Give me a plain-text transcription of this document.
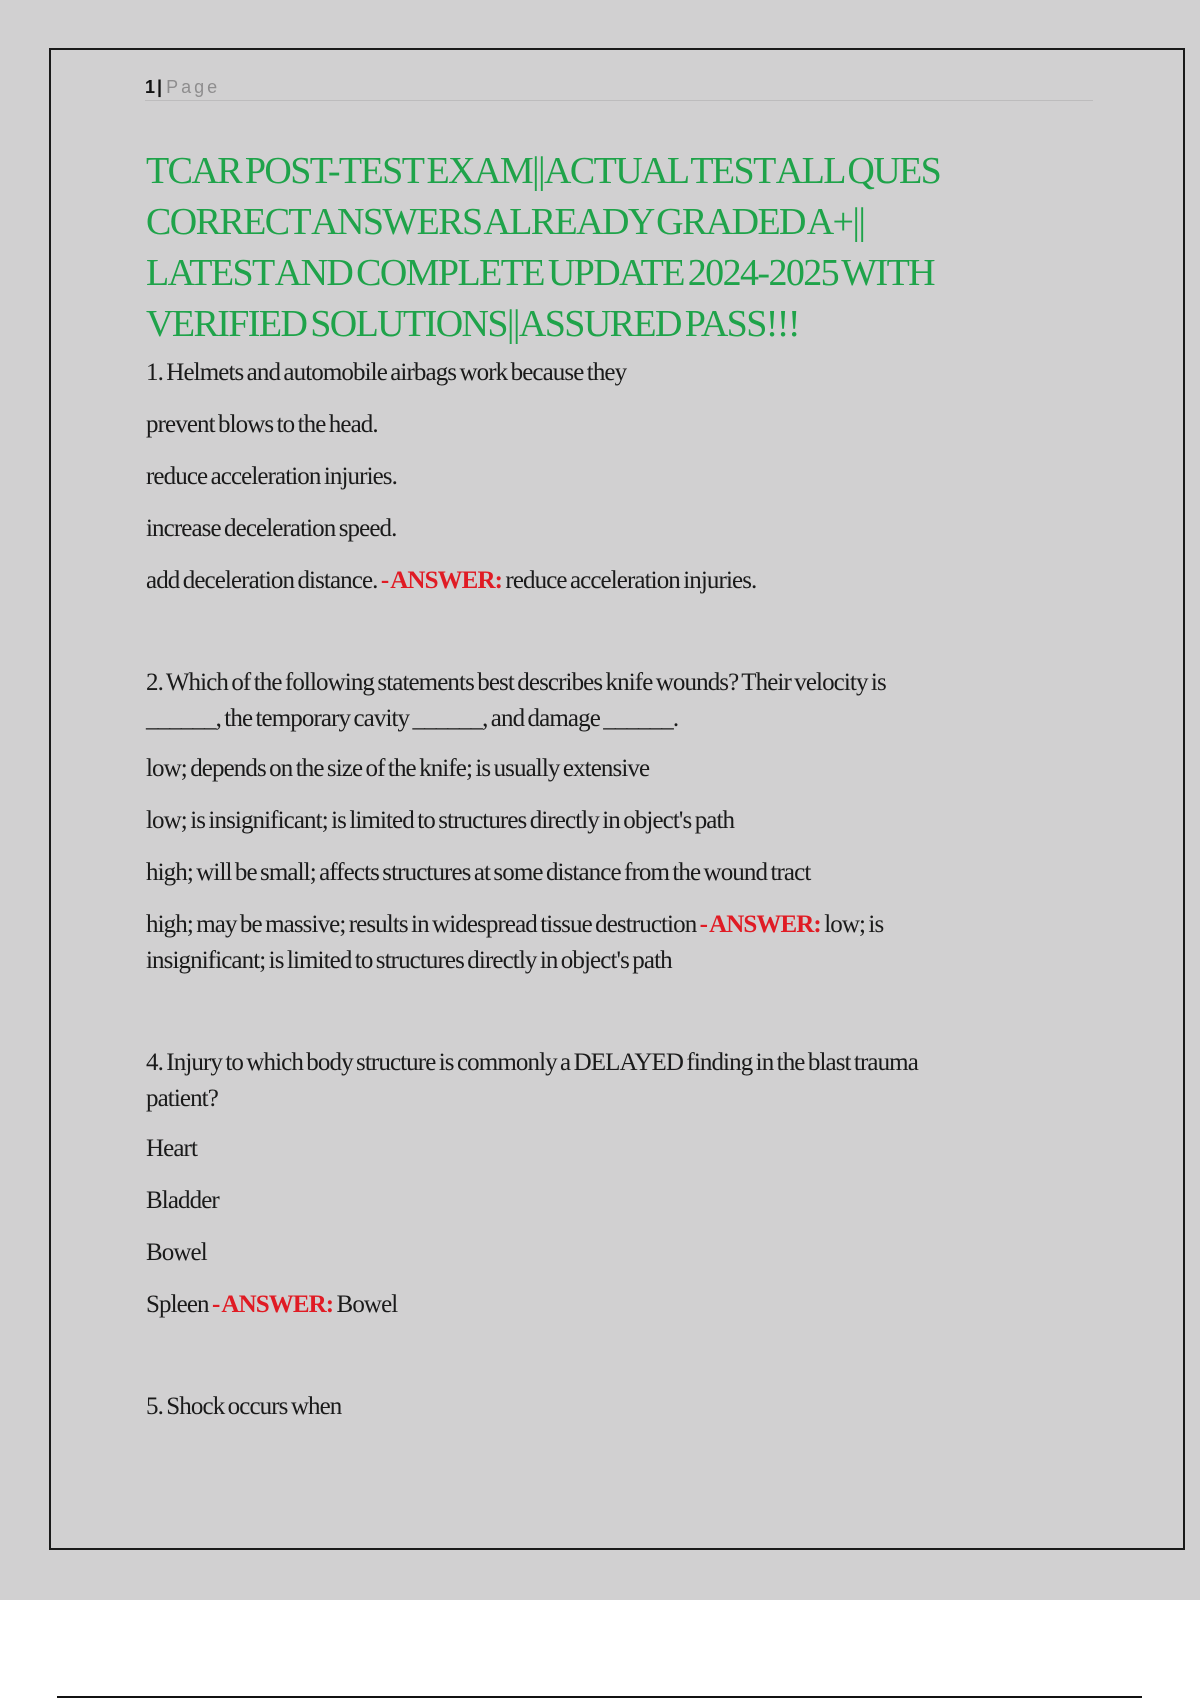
1 | Page
TCAR POST-TEST EXAM||ACTUAL TEST ALL QUES
CORRECT ANSWERS ALREADY GRADED A+||
LATEST AND COMPLETE UPDATE 2024-2025 WITH
VERIFIED SOLUTIONS||ASSURED PASS!!!
1. Helmets and automobile airbags work because they
prevent blows to the head.
reduce acceleration injuries.
increase deceleration speed.
add deceleration distance. - ANSWER: reduce acceleration injuries.
2. Which of the following statements best describes knife wounds? Their velocity is
______, the temporary cavity ______, and damage ______.
low; depends on the size of the knife; is usually extensive
low; is insignificant; is limited to structures directly in object's path
high; will be small; affects structures at some distance from the wound tract
high; may be massive; results in widespread tissue destruction - ANSWER: low; is
insignificant; is limited to structures directly in object's path
4. Injury to which body structure is commonly a DELAYED finding in the blast trauma
patient?
Heart
Bladder
Bowel
Spleen - ANSWER: Bowel
5. Shock occurs when
